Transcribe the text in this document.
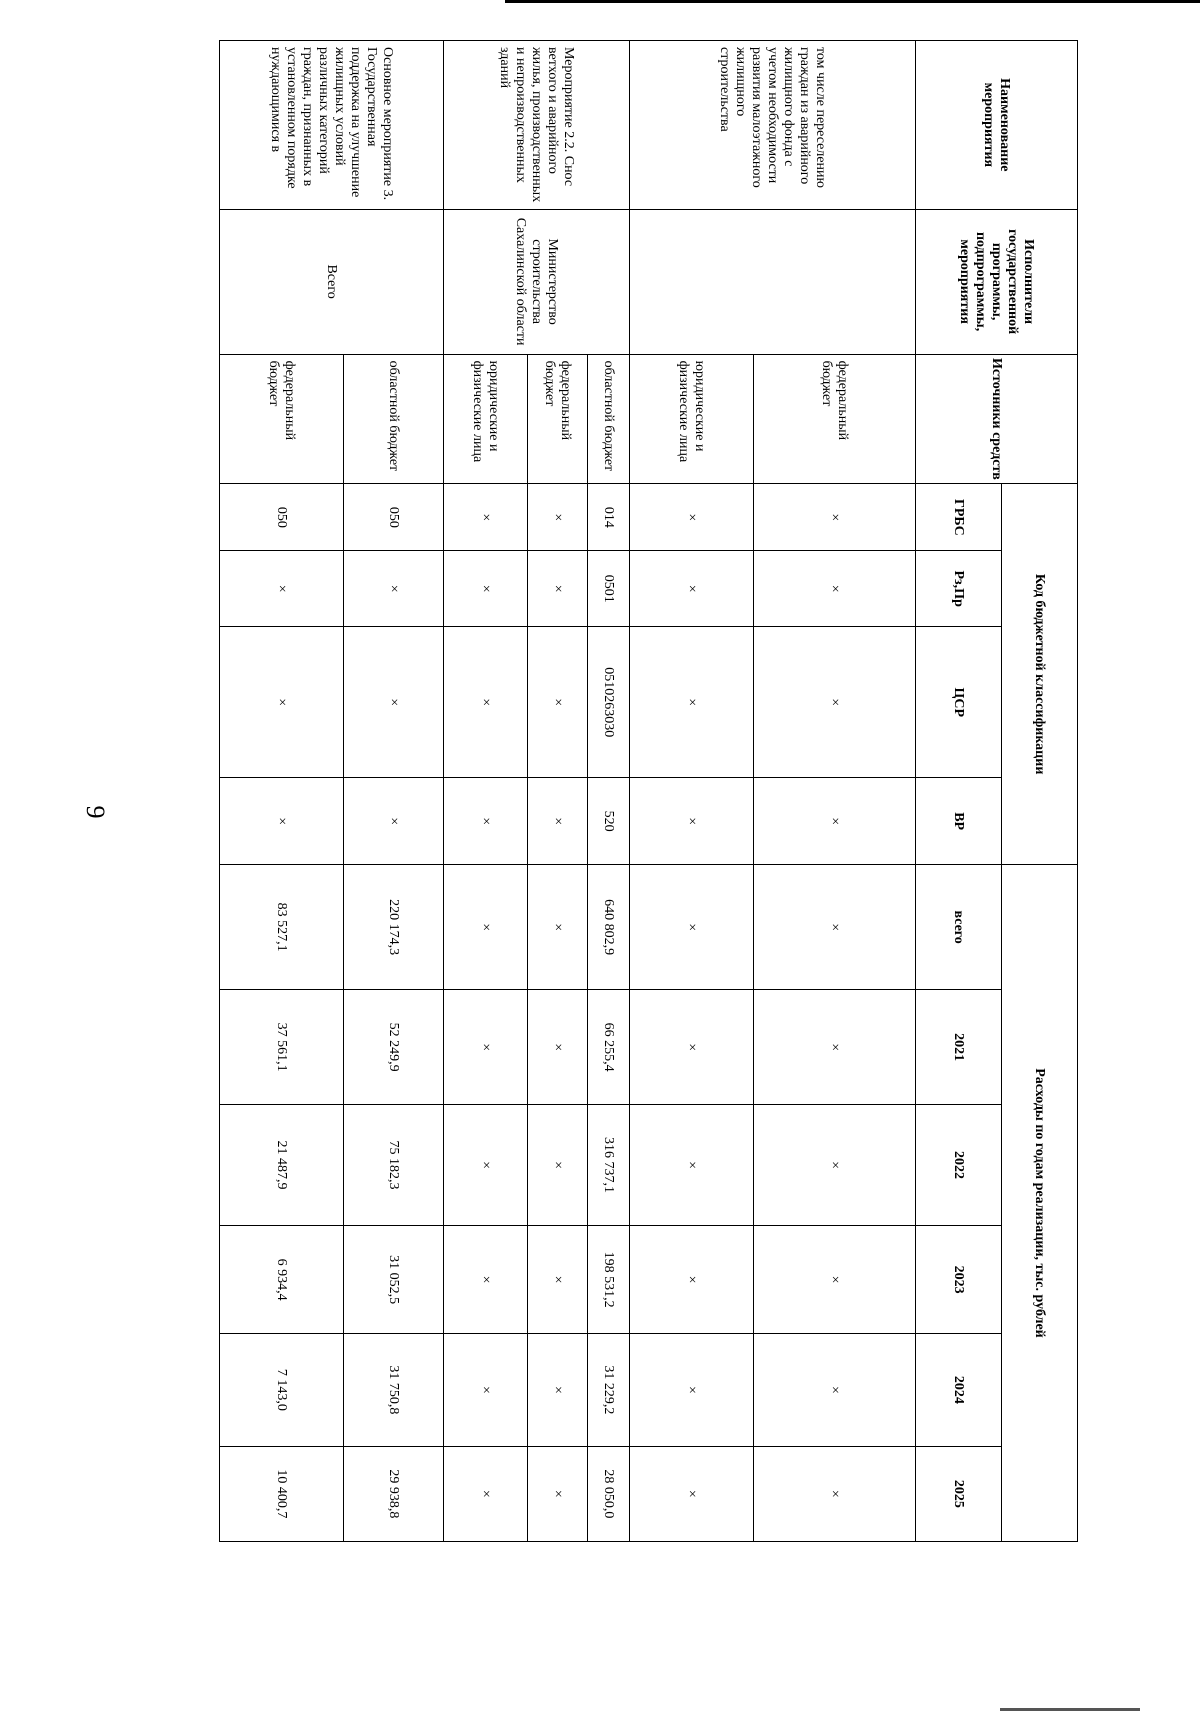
9
Наименование мероприятия	Исполнители государственной программы, подпрограммы, мероприятия	Источники средств	Код бюджетной классификации				Расходы по годам реализации, тыс. рублей					
			ГРБС	Рз,Пр	ЦСР	ВР	всего	2021	2022	2023	2024	2025
том числе переселению граждан из аварийного жилищного фонда с учетом необходимости развития малоэтажного жилищного строительства		федеральный бюджет	×	×	×	×	×	×	×	×	×	×
		юридические и физические лица	×	×	×	×	×	×	×	×	×	×
Мероприятие 2.2. Снос ветхого и аварийного жилья, производственных и непроизводственных зданий	Министерство строительства Сахалинской области	областной бюджет	014	0501	0510263030	520	640 802,9	66 255,4	316 737,1	198 531,2	31 229,2	28 050,0
		федеральный бюджет	×	×	×	×	×	×	×	×	×	×
		юридические и физические лица	×	×	×	×	×	×	×	×	×	×
Основное мероприятие 3. Государственная поддержка на улучшение жилищных условий различных категорий граждан, признанных в установленном порядке нуждающимися в	Всего	областной бюджет	050	×	×	×	220 174,3	52 249,9	75 182,3	31 052,5	31 750,8	29 938,8
		федеральный бюджет	050	×	×	×	83 527,1	37 561,1	21 487,9	6 934,4	7 143,0	10 400,7
